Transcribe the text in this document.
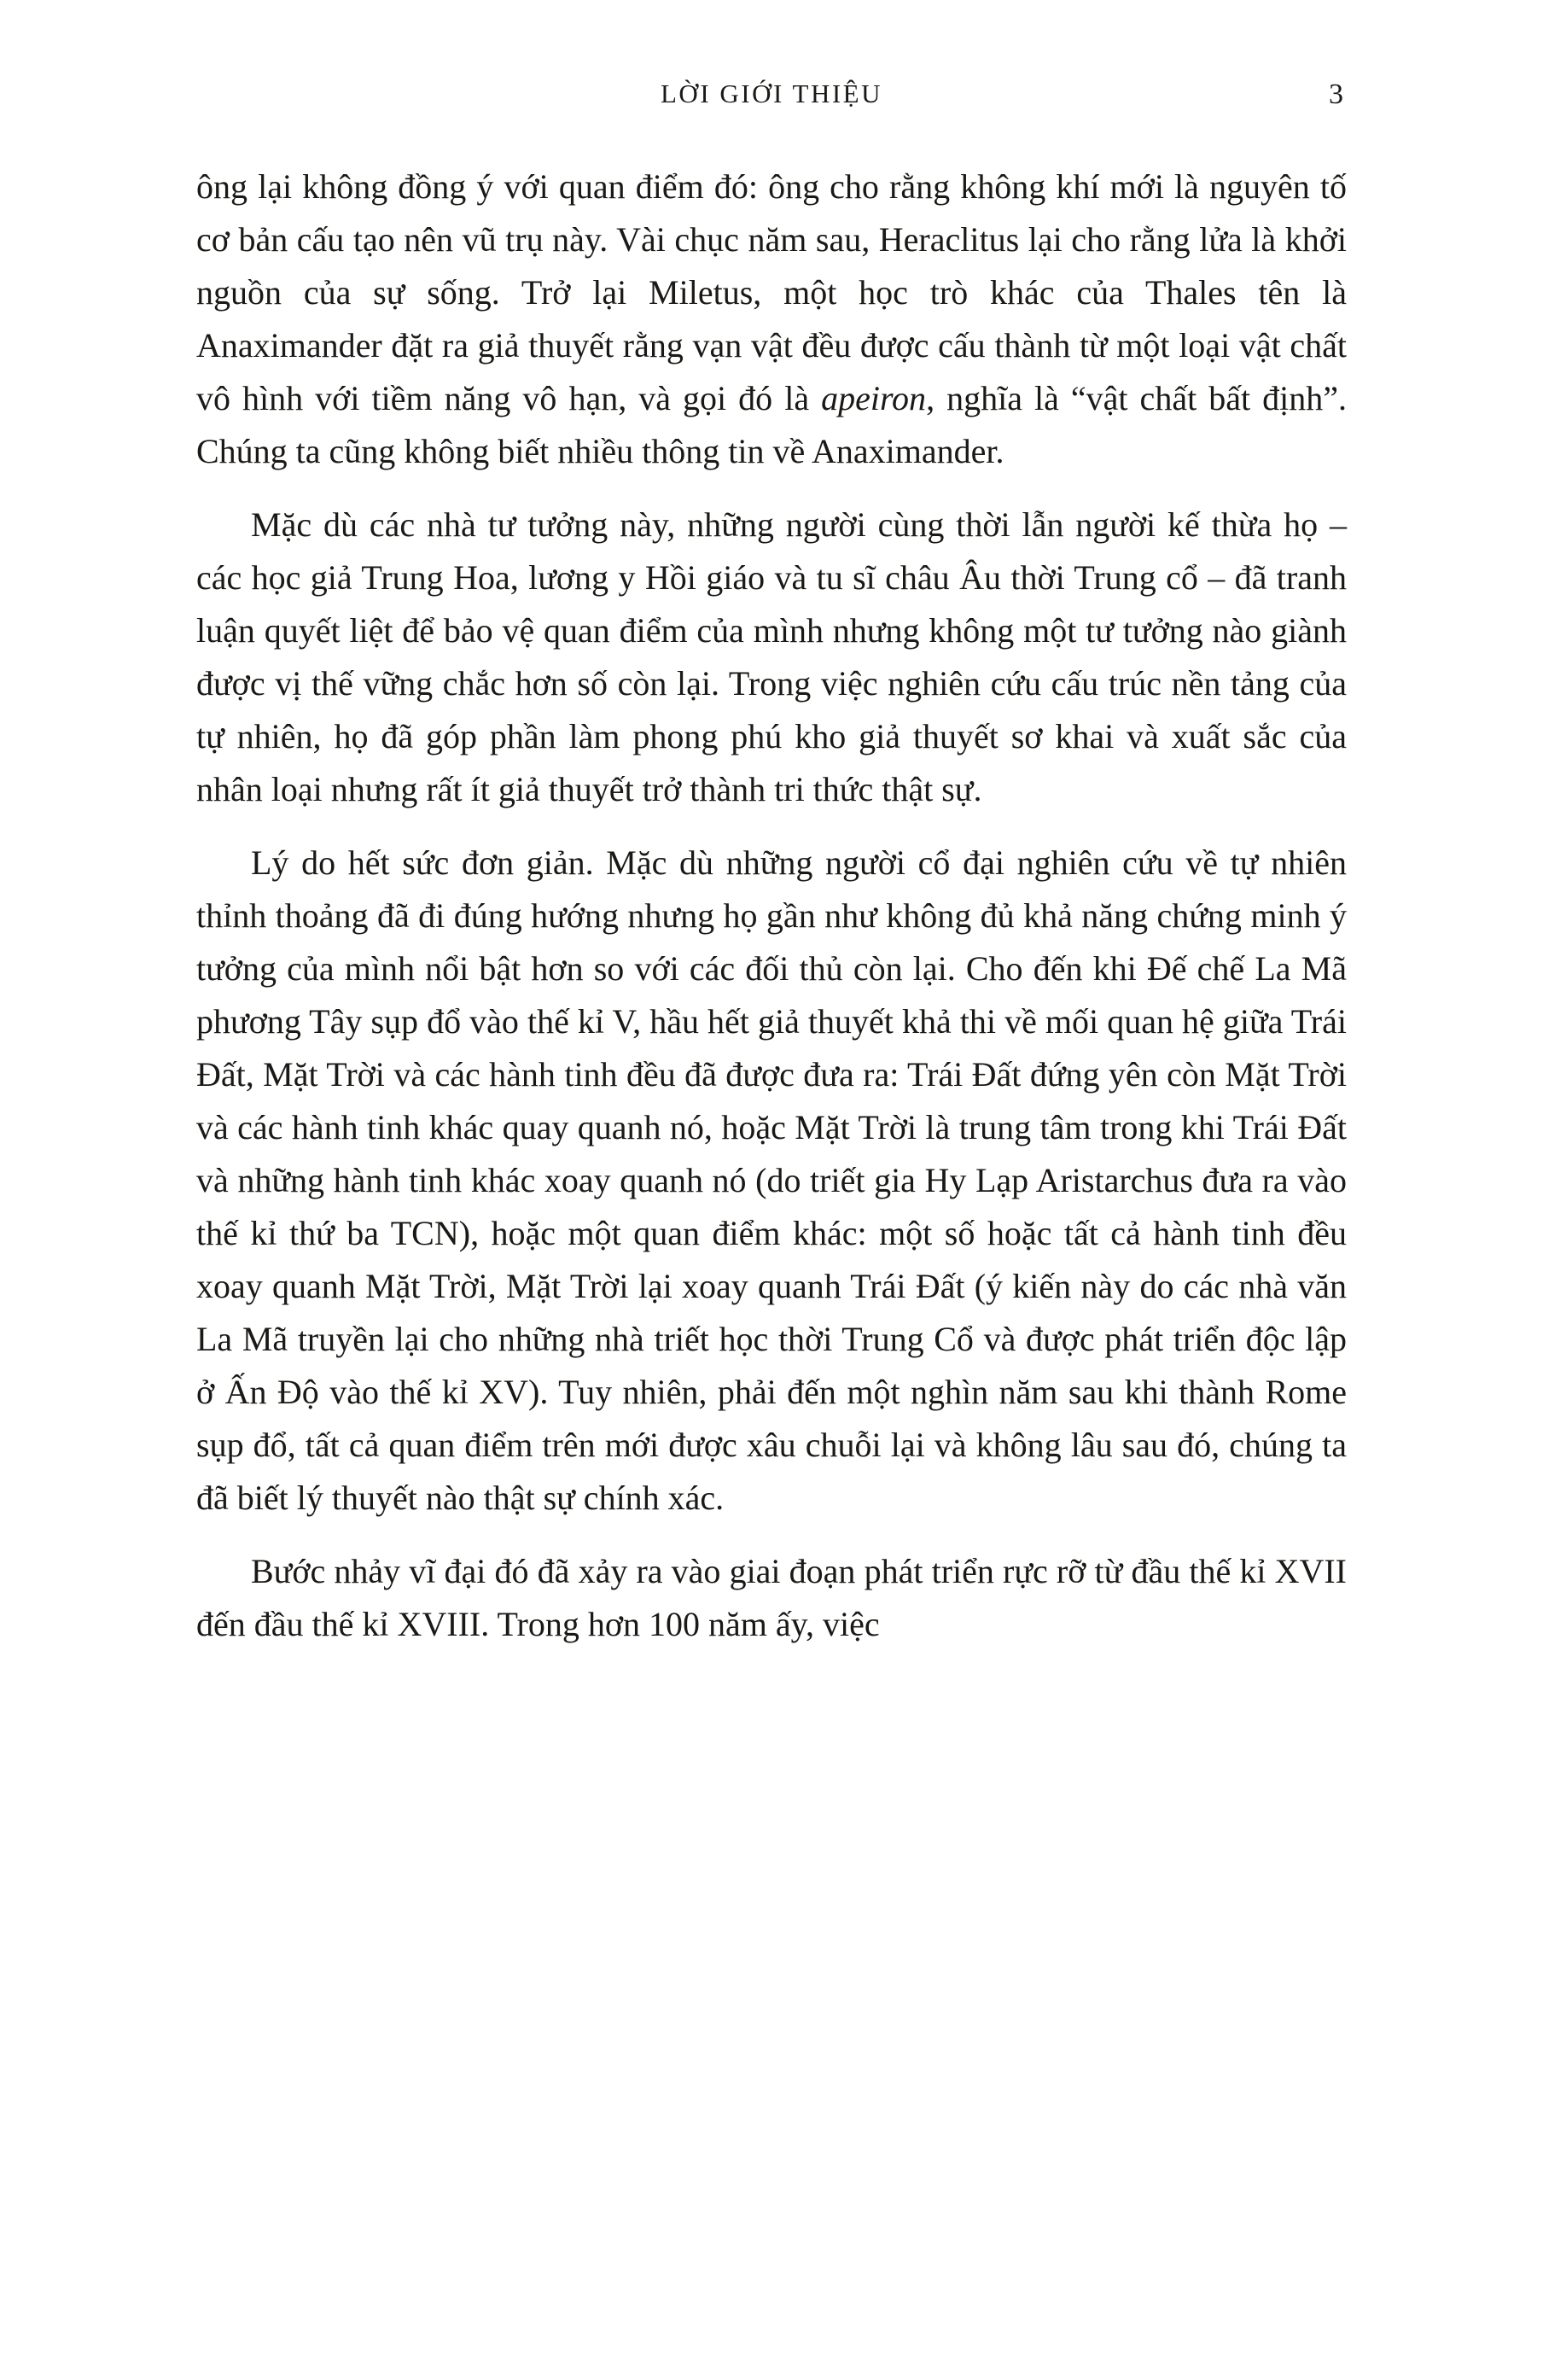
LỜI GIỚI THIỆU	3

ông lại không đồng ý với quan điểm đó: ông cho rằng không khí mới là nguyên tố cơ bản cấu tạo nên vũ trụ này. Vài chục năm sau, Heraclitus lại cho rằng lửa là khởi nguồn của sự sống. Trở lại Miletus, một học trò khác của Thales tên là Anaximander đặt ra giả thuyết rằng vạn vật đều được cấu thành từ một loại vật chất vô hình với tiềm năng vô hạn, và gọi đó là apeiron, nghĩa là “vật chất bất định”. Chúng ta cũng không biết nhiều thông tin về Anaximander.

Mặc dù các nhà tư tưởng này, những người cùng thời lẫn người kế thừa họ – các học giả Trung Hoa, lương y Hồi giáo và tu sĩ châu Âu thời Trung cổ – đã tranh luận quyết liệt để bảo vệ quan điểm của mình nhưng không một tư tưởng nào giành được vị thế vững chắc hơn số còn lại. Trong việc nghiên cứu cấu trúc nền tảng của tự nhiên, họ đã góp phần làm phong phú kho giả thuyết sơ khai và xuất sắc của nhân loại nhưng rất ít giả thuyết trở thành tri thức thật sự.

Lý do hết sức đơn giản. Mặc dù những người cổ đại nghiên cứu về tự nhiên thỉnh thoảng đã đi đúng hướng nhưng họ gần như không đủ khả năng chứng minh ý tưởng của mình nổi bật hơn so với các đối thủ còn lại. Cho đến khi Đế chế La Mã phương Tây sụp đổ vào thế kỉ V, hầu hết giả thuyết khả thi về mối quan hệ giữa Trái Đất, Mặt Trời và các hành tinh đều đã được đưa ra: Trái Đất đứng yên còn Mặt Trời và các hành tinh khác quay quanh nó, hoặc Mặt Trời là trung tâm trong khi Trái Đất và những hành tinh khác xoay quanh nó (do triết gia Hy Lạp Aristarchus đưa ra vào thế kỉ thứ ba TCN), hoặc một quan điểm khác: một số hoặc tất cả hành tinh đều xoay quanh Mặt Trời, Mặt Trời lại xoay quanh Trái Đất (ý kiến này do các nhà văn La Mã truyền lại cho những nhà triết học thời Trung Cổ và được phát triển độc lập ở Ấn Độ vào thế kỉ XV). Tuy nhiên, phải đến một nghìn năm sau khi thành Rome sụp đổ, tất cả quan điểm trên mới được xâu chuỗi lại và không lâu sau đó, chúng ta đã biết lý thuyết nào thật sự chính xác.

Bước nhảy vĩ đại đó đã xảy ra vào giai đoạn phát triển rực rỡ từ đầu thế kỉ XVII đến đầu thế kỉ XVIII. Trong hơn 100 năm ấy, việc
